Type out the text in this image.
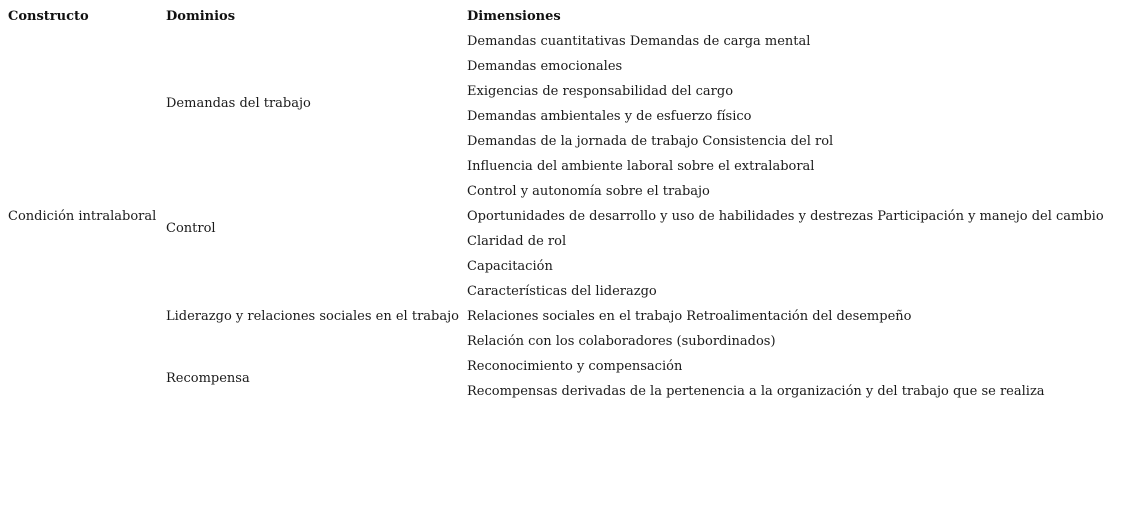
Constructo	Dominios	Dimensiones
Condición intralaboral
Demandas del trabajo
Control
Liderazgo y relaciones sociales en el trabajo
Recompensa
Demandas cuantitativas Demandas de carga mental
Demandas emocionales
Exigencias de responsabilidad del cargo
Demandas ambientales y de esfuerzo físico
Demandas de la jornada de trabajo Consistencia del rol
Influencia del ambiente laboral sobre el extralaboral
Control y autonomía sobre el trabajo
Oportunidades de desarrollo y uso de habilidades y destrezas Participación y manejo del cambio
Claridad de rol
Capacitación
Características del liderazgo
Relaciones sociales en el trabajo Retroalimentación del desempeño
Relación con los colaboradores (subordinados)
Reconocimiento y compensación
Recompensas derivadas de la pertenencia a la organización y del trabajo que se realiza
